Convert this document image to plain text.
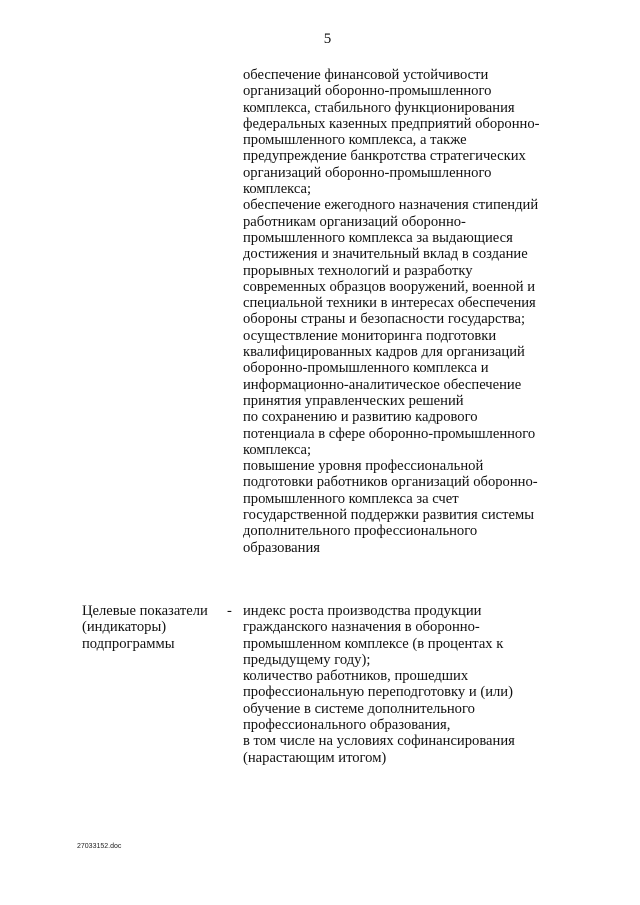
5
обеспечение финансовой устойчивости
организаций оборонно-промышленного
комплекса, стабильного функционирования
федеральных казенных предприятий оборонно-
промышленного комплекса, а также
предупреждение банкротства стратегических
организаций оборонно-промышленного
комплекса;
обеспечение ежегодного назначения стипендий
работникам организаций оборонно-
промышленного комплекса за выдающиеся
достижения и значительный вклад в создание
прорывных технологий и разработку
современных образцов вооружений, военной и
специальной техники в интересах обеспечения
обороны страны и безопасности государства;
осуществление мониторинга подготовки
квалифицированных кадров для организаций
оборонно-промышленного комплекса и
информационно-аналитическое обеспечение
принятия управленческих решений
по сохранению и развитию кадрового
потенциала в сфере оборонно-промышленного
комплекса;
повышение уровня профессиональной
подготовки работников организаций оборонно-
промышленного комплекса за счет
государственной поддержки развития системы
дополнительного профессионального
образования
Целевые показатели
(индикаторы)
подпрограммы
- индекс роста производства продукции
гражданского назначения в оборонно-
промышленном комплексе (в процентах к
предыдущему году);
количество работников, прошедших
профессиональную переподготовку и (или)
обучение в системе дополнительного
профессионального образования,
в том числе на условиях софинансирования
(нарастающим итогом)
27033152.doc
